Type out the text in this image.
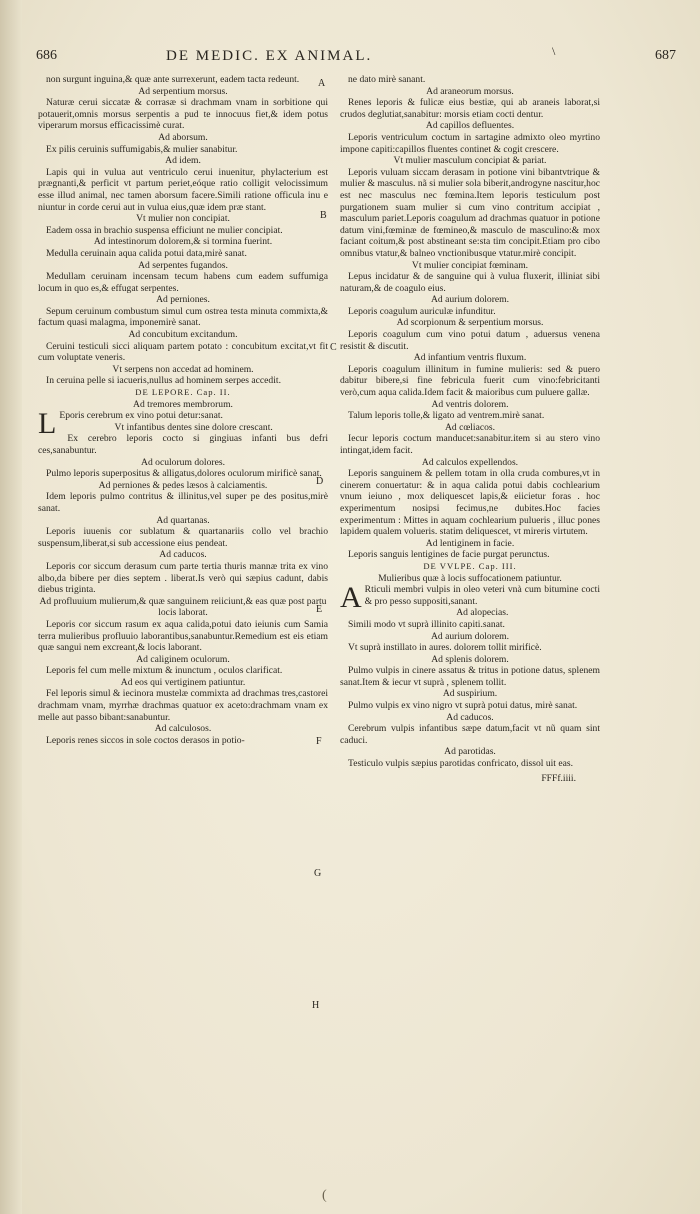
686	DE MEDIC. EX ANIMAL.	\	687
non surgunt inguina,& quæ ante surrexerunt, eadem tacta redeunt.
Ad serpentium morsus.
Naturæ cerui siccatæ & corrasæ si drachmam vnam in sorbitione qui potauerit,omnis morsus serpentis a pud te innocuus fiet,& idem potus viperarum morsus efficacissimè curat.
Ad aborsum.
Ex pilis ceruinis suffumigabis,& mulier sanabitur.
Ad idem.
Lapis qui in vulua aut ventriculo cerui inuenitur, phylacterium est prægnanti,& perficit vt partum periet,eóque ratio colligit velocissimum esse illud animal, nec tamen aborsum facere.Simili ratione officula inu e niuntur in corde cerui aut in vulua eius,quæ idem præ stant.
Vt mulier non concipiat.
Eadem ossa in brachio suspensa efficiunt ne mulier concipiat.
Ad intestinorum dolorem,& si tormina fuerint.
Medulla ceruinain aqua calida potui data,mirè sanat.
Ad serpentes fugandos.
Medullam ceruinam incensam tecum habens cum eadem suffumiga locum in quo es,& effugat serpentes.
Ad perniones.
Sepum ceruinum combustum simul cum ostrea testa minuta commixta,& factum quasi malagma, imponemirè sanat.
Ad concubitum excitandum.
Ceruini testiculi sicci aliquam partem potato : concubitum excitat,vt fit cum voluptate veneris.
Vt serpens non accedat ad hominem.
In ceruina pelle si iacueris,nullus ad hominem serpes accedit.
DE LEPORE. Cap. II.
Ad tremores membrorum.
L Eporis cerebrum ex vino potui detur:sanat.
Vt infantibus dentes sine dolore crescant.
Ex cerebro leporis cocto si gingiuas infanti bus defri ces,sanabuntur.
Ad oculorum dolores.
Pulmo leporis superpositus & alligatus,dolores oculorum mirificè sanat.
Ad perniones & pedes læsos à calciamentis.
Idem leporis pulmo contritus & illinitus,vel super pe des positus,mirè sanat.
Ad quartanas.
Leporis iuuenis cor sublatum & quartanariis collo vel brachio suspensum,liberat,si sub accessione eius pendeat.
Ad caducos.
Leporis cor siccum derasum cum parte tertia thuris mannæ trita ex vino albo,da bibere per dies septem . liberat.Is verò qui sæpius cadunt, dabis diebus triginta.
Ad profluuium mulierum,& quæ sanguinem reiiciunt,& eas quæ post partu locis laborat.
Leporis cor siccum rasum ex aqua calida,potui dato ieiunis cum Samia terra mulieribus profluuio laborantibus,sanabuntur.Remedium est eis etiam quæ sangui nem excreant,& locis laborant.
Ad caliginem oculorum.
Leporis fel cum melle mixtum & inunctum , oculos clarificat.
Ad eos qui vertiginem patiuntur.
Fel leporis simul & iecinora mustelæ commixta ad drachmas tres,castorei drachmam vnam, myrrhæ drachmas quatuor ex aceto:drachmam vnam ex melle aut passo bibant:sanabuntur.
Ad calculosos.
Leporis renes siccos in sole coctos derasos in potio-
ne dato mirè sanant.
Ad araneorum morsus.
Renes leporis & fulicæ eius bestiæ, qui ab araneis laborat,si crudos deglutiat,sanabitur: morsis etiam cocti dentur.
Ad capillos defluentes.
Leporis ventriculum coctum in sartagine admixto oleo myrtino impone capiti:capillos fluentes continet & cogit crescere.
Vt mulier masculum concipiat & pariat.
Leporis vuluam siccam derasam in potione vini bibantvtrique & mulier & masculus. nã si mulier sola biberit,androgyne nascitur,hoc est nec masculus nec fœmina.Item leporis testiculum post purgationem suam mulier si cum vino contritum accipiat , masculum pariet.Leporis coagulum ad drachmas quatuor in potione datum vini,fœminæ de fœmineo,& masculo de masculino:& mox faciant coitum,& post abstineant se:sta tim concipit.Etiam pro cibo omnibus vtatur,& balneo vnctionibusque vtatur.mirè concipit.
Vt mulier concipiat fœminam.
Lepus incidatur & de sanguine qui à vulua fluxerit, illiniat sibi naturam,& de coagulo eius.
Ad aurium dolorem.
Leporis coagulum auriculæ infunditur.
Ad scorpionum & serpentium morsus.
Leporis coagulum cum vino potui datum , aduersus venena resistit & discutit.
Ad infantium ventris fluxum.
Leporis coagulum illinitum in fumine mulieris: sed & puero dabitur bibere,si fine febricula fuerit cum vino:febricitanti verò,cum aqua calida.Idem facit & maioribus cum puluere gallæ.
Ad ventris dolorem.
Talum leporis tolle,& ligato ad ventrem.mirè sanat.
Ad cœliacos.
Iecur leporis coctum manducet:sanabitur.item si au stero vino intingat,idem facit.
Ad calculos expellendos.
Leporis sanguinem & pellem totam in olla cruda combures,vt in cinerem conuertatur: & in aqua calida potui dabis cochlearium vnum ieiuno , mox deliquescet lapis,& eiicietur foras . hoc experimentum nosipsi fecimus,ne dubites.Hoc facies experimentum : Mittes in aquam cochlearium pulueris , illuc pones lapidem qualem volueris. statim deliquescet, vt mireris virtutem.
Ad lentiginem in facie.
Leporis sanguis lentigines de facie purgat perunctus.
DE VVLPE. Cap. III.
Mulieribus quæ à locis suffocationem patiuntur.
A Rticuli membri vulpis in oleo veteri vnà cum bitumine cocti & pro pesso suppositi,sanant.
Ad alopecias.
Simili modo vt suprà illinito capiti.sanat.
Ad aurium dolorem.
Vt suprà instillato in aures. dolorem tollit mirificè.
Ad splenis dolorem.
Pulmo vulpis in cinere assatus & tritus in potione datus, splenem sanat.Item & iecur vt suprà , splenem tollit.
Ad suspirium.
Pulmo vulpis ex vino nigro vt suprà potui datus, mirè sanat.
Ad caducos.
Cerebrum vulpis infantibus sæpe datum,facit vt nũ quam sint caduci.
Ad parotidas.
Testiculo vulpis sæpius parotidas confricato, dissol uit eas.
FFFf.iiii.
A
B
C
D
E
F
G
H
(
